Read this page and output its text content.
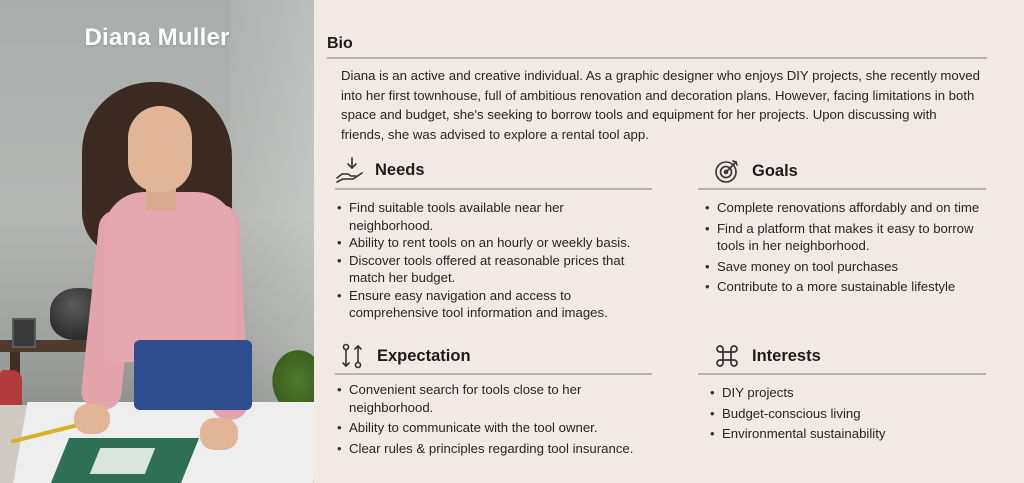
Diana Muller	Bio
Diana is an active and creative individual. As a graphic designer who enjoys DIY projects, she recently moved into her first townhouse, full of ambitious renovation and decoration plans. However, facing limitations in both space and budget, she's seeking to borrow tools and equipment for her projects. Upon discussing with friends, she was advised to explore a rental tool app.
Needs
• Find suitable tools available near her neighborhood.
• Ability to rent tools on an hourly or weekly basis.
• Discover tools offered at reasonable prices that match her budget.
• Ensure easy navigation and access to comprehensive tool information and images.
Goals
• Complete renovations affordably and on time
• Find a platform that makes it easy to borrow tools in her neighborhood.
• Save money on tool purchases
• Contribute to a more sustainable lifestyle
Expectation
• Convenient search for tools close to her neighborhood.
• Ability to communicate with the tool owner.
• Clear rules & principles regarding tool insurance.
Interests
• DIY projects
• Budget-conscious living
• Environmental sustainability
